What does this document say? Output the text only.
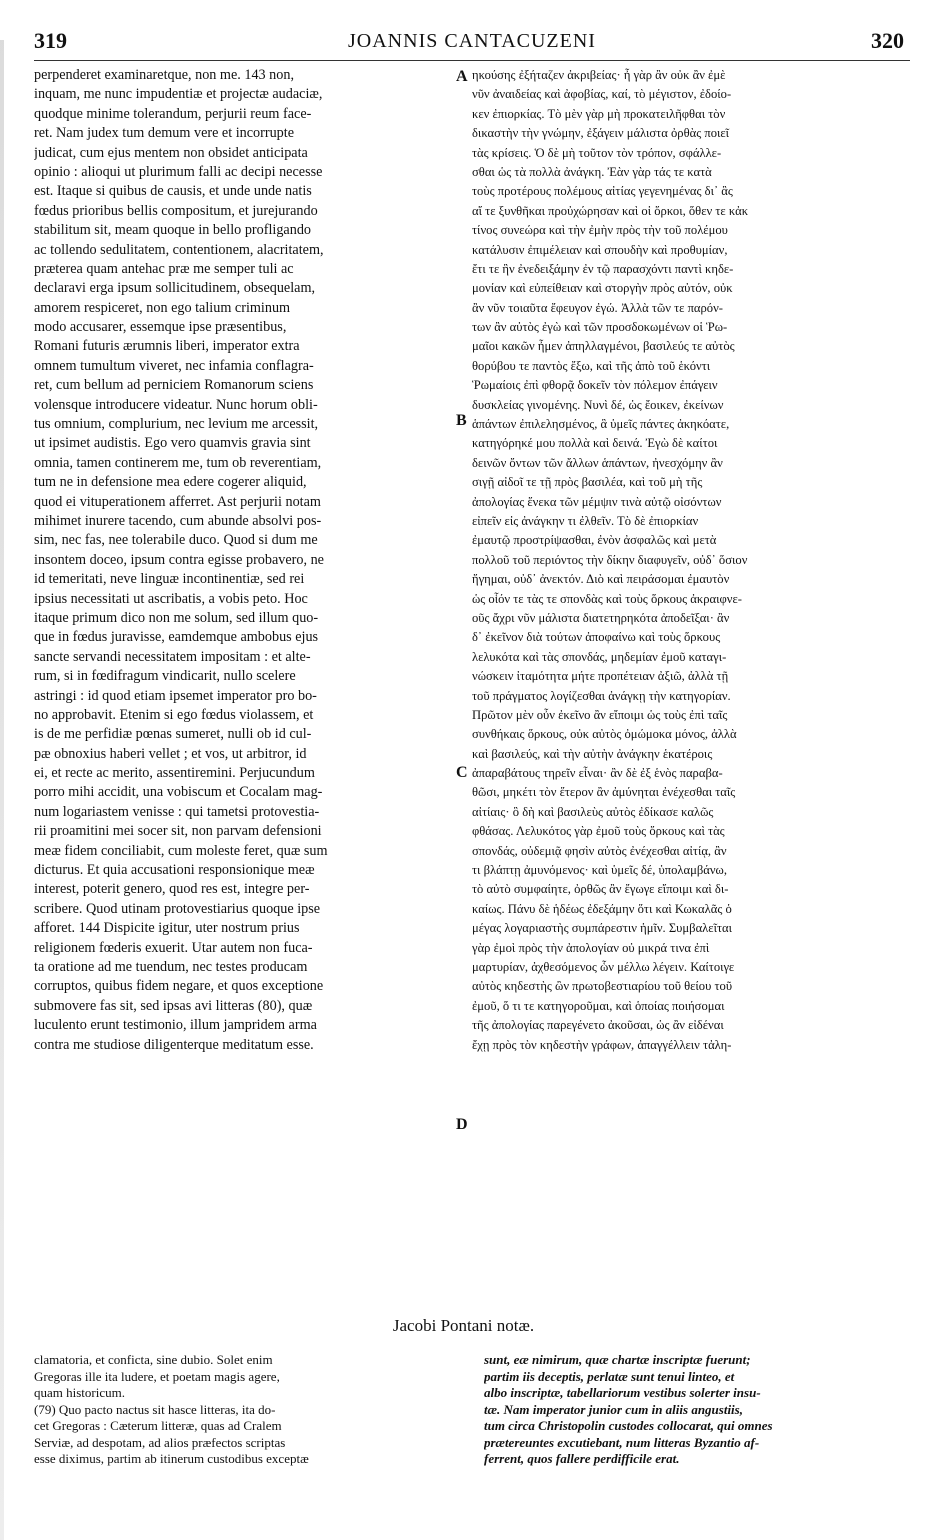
319	JOANNIS CANTACUZENI	320
perpenderet examinaretque, non me. 143 non,
inquam, me nunc impudentiæ et projectæ audaciæ,
quodque minime tolerandum, perjurii reum face-
ret. Nam judex tum demum vere et incorrupte
judicat, cum ejus mentem non obsidet anticipata
opinio : alioqui ut plurimum falli ac decipi necesse
est. Itaque si quibus de causis, et unde unde natis
fœdus prioribus bellis compositum, et jurejurando
stabilitum sit, meam quoque in bello profligando
ac tollendo sedulitatem, contentionem, alacritatem,
præterea quam antehac præ me semper tuli ac
declaravi erga ipsum sollicitudinem, obsequelam,
amorem respiceret, non ego talium criminum
modo accusarer, essemque ipse præsentibus,
Romani futuris ærumnis liberi, imperator extra
omnem tumultum viveret, nec infamia conflagra-
ret, cum bellum ad perniciem Romanorum sciens
volensque introducere videatur. Nunc horum obli-
tus omnium, complurium, nec levium me arcessit,
ut ipsimet audistis. Ego vero quamvis gravia sint
omnia, tamen continerem me, tum ob reverentiam,
tum ne in defensione mea edere cogerer aliquid,
quod ei vituperationem afferret. Ast perjurii notam
mihimet inurere tacendo, cum abunde absolvi pos-
sim, nec fas, nee tolerabile duco. Quod si dum me
insontem doceo, ipsum contra egisse probavero, ne
id temeritati, neve linguæ incontinentiæ, sed rei
ipsius necessitati ut ascribatis, a vobis peto. Hoc
itaque primum dico non me solum, sed illum quo-
que in fœdus juravisse, eamdemque ambobus ejus
sancte servandi necessitatem impositam : et alte-
rum, si in fœdifragum vindicarit, nullo scelere
astringi : id quod etiam ipsemet imperator pro bo-
no approbavit. Etenim si ego fœdus violassem, et
is de me perfidiæ pœnas sumeret, nulli ob id cul-
pæ obnoxius haberi vellet ; et vos, ut arbitror, id
ei, et recte ac merito, assentiremini. Perjucundum
porro mihi accidit, una vobiscum et Cocalam mag-
num logariastem venisse : qui tametsi protovestia-
rii proamitini mei socer sit, non parvam defensioni
meæ fidem conciliabit, cum moleste feret, quæ sum
dicturus. Et quia accusationi responsionique meæ
interest, poterit genero, quod res est, integre per-
scribere. Quod utinam protovestiarius quoque ipse
afforet. 144 Dispicite igitur, uter nostrum prius
religionem fœderis exuerit. Utar autem non fuca-
ta oratione ad me tuendum, nec testes producam
corruptos, quibus fidem negare, et quos exceptione
submovere fas sit, sed ipsas avi litteras (80), quæ
luculento erunt testimonio, illum jampridem arma
contra me studiose diligenterque meditatum esse.
ηκούσης ἐξήταζεν ἀκριβείας· ἦ γὰρ ἂν οὐκ ἂν ἐμὲ
νῦν ἀναιδείας καὶ ἀφοβίας, καί, τὸ μέγιστον, ἐδοίο-
κεν ἐπιορκίας. Τὸ μὲν γὰρ μὴ προκατειλῆφθαι τὸν
δικαστὴν τὴν γνώμην, ἐξάγειν μάλιστα ὀρθὰς ποιεῖ
τὰς κρίσεις. Ὁ δὲ μὴ τοῦτον τὸν τρόπον, σφάλλε-
σθαι ὡς τὰ πολλὰ ἀνάγκη. Ἐὰν γὰρ τάς τε κατὰ
τοὺς προτέρους πολέμους αἰτίας γεγενημένας δι᾽ ἃς
αἵ τε ξυνθῆκαι προὐχώρησαν καὶ οἱ ὅρκοι, ὅθεν τε κἀκ
τίνος συνεώρα καὶ τὴν ἐμὴν πρὸς τὴν τοῦ πολέμου
κατάλυσιν ἐπιμέλειαν καὶ σπουδὴν καὶ προθυμίαν,
ἔτι τε ἣν ἐνεδειξάμην ἐν τῷ παρασχόντι παντὶ κηδε-
μονίαν καὶ εὐπείθειαν καὶ στοργὴν πρὸς αὐτόν, οὐκ
ἂν νῦν τοιαῦτα ἔφευγον ἐγώ. Ἀλλὰ τῶν τε παρόν-
των ἂν αὐτὸς ἐγὼ καὶ τῶν προσδοκωμένων οἱ Ῥω-
μαῖοι κακῶν ἦμεν ἀπηλλαγμένοι, βασιλεύς τε αὐτὸς
θορύβου τε παντὸς ἔξω, καὶ τῆς ἀπὸ τοῦ ἑκόντι
Ῥωμαίοις ἐπὶ φθορᾷ δοκεῖν τὸν πόλεμον ἐπάγειν
δυσκλείας γινομένης. Νυνὶ δέ, ὡς ἔοικεν, ἐκείνων
ἁπάντων ἐπιλελησμένος, ἃ ὑμεῖς πάντες ἀκηκόατε,
κατηγόρηκέ μου πολλὰ καὶ δεινά. Ἐγὼ δὲ καίτοι
δεινῶν ὄντων τῶν ἄλλων ἁπάντων, ἠνεσχόμην ἂν
σιγῇ αἰδοῖ τε τῇ πρὸς βασιλέα, καὶ τοῦ μὴ τῆς
ἀπολογίας ἕνεκα τῶν μέμψιν τινὰ αὐτῷ οἰσόντων
εἰπεῖν εἰς ἀνάγκην τι ἐλθεῖν. Τὸ δὲ ἐπιορκίαν
ἐμαυτῷ προστρίψασθαι, ἐνὸν ἀσφαλῶς καὶ μετὰ
πολλοῦ τοῦ περιόντος τὴν δίκην διαφυγεῖν, οὐδ᾽ ὅσιον
ἥγημαι, οὐδ᾽ ἀνεκτόν. Διὸ καὶ πειράσομαι ἐμαυτὸν
ὡς οἷόν τε τὰς τε σπονδὰς καὶ τοὺς ὅρκους ἀκραιφνε-
οῦς ἄχρι νῦν μάλιστα διατετηρηκότα ἀποδεῖξαι· ἂν
δ᾽ ἐκεῖνον διὰ τούτων ἀποφαίνω καὶ τοὺς ὅρκους
λελυκότα καὶ τὰς σπονδάς, μηδεμίαν ἐμοῦ καταγι-
νώσκειν ἰταμότητα μήτε προπέτειαν ἀξιῶ, ἀλλὰ τῇ
τοῦ πράγματος λογίζεσθαι ἀνάγκῃ τὴν κατηγορίαν.
Πρῶτον μὲν οὖν ἐκεῖνο ἂν εἴποιμι ὡς τοὺς ἐπὶ ταῖς
συνθήκαις ὅρκους, οὐκ αὐτὸς ὀμώμοκα μόνος, ἀλλὰ
καὶ βασιλεύς, καὶ τὴν αὐτὴν ἀνάγκην ἑκατέροις
ἀπαραβάτους τηρεῖν εἶναι· ἂν δὲ ἐξ ἑνὸς παραβα-
θῶσι, μηκέτι τὸν ἕτερον ἂν ἀμύνηται ἐνέχεσθαι ταῖς
αἰτίαις· ὃ δὴ καὶ βασιλεὺς αὐτὸς ἐδίκασε καλῶς
φθάσας. Λελυκότος γὰρ ἐμοῦ τοὺς ὅρκους καὶ τὰς
σπονδάς, οὐδεμιᾷ φησὶν αὐτὸς ἐνέχεσθαι αἰτίᾳ, ἂν
τι βλάπτῃ ἀμυνόμενος· καὶ ὑμεῖς δέ, ὑπολαμβάνω,
τὸ αὐτὸ συμφαίητε, ὀρθῶς ἂν ἔγωγε εἴποιμι καὶ δι-
καίως. Πάνυ δὲ ἡδέως ἐδεξάμην ὅτι καὶ Κωκαλᾶς ὁ
μέγας λογαριαστὴς συμπάρεστιν ἡμῖν. Συμβαλεῖται
γὰρ ἐμοὶ πρὸς τὴν ἀπολογίαν οὐ μικρά τινα ἐπὶ
μαρτυρίαν, ἀχθεσόμενος ὧν μέλλω λέγειν. Καίτοιγε
αὐτὸς κηδεστὴς ὢν πρωτοβεστιαρίου τοῦ θείου τοῦ
ἐμοῦ, ὅ τι τε κατηγοροῦμαι, καὶ ὁποίας ποιήσομαι
τῆς ἀπολογίας παρεγένετο ἀκοῦσαι, ὡς ἂν εἰδέναι
ἔχῃ πρὸς τὸν κηδεστὴν γράφων, ἀπαγγέλλειν τἀλη-
A
B
C
D
Jacobi Pontani notæ.
clamatoria, et conficta, sine dubio. Solet enim
Gregoras ille ita ludere, et poetam magis agere,
quam historicum.
(79) Quo pacto nactus sit hasce litteras, ita do-
cet Gregoras : Cæterum litteræ, quas ad Cralem
Serviæ, ad despotam, ad alios præfectos scriptas
esse diximus, partim ab itinerum custodibus exceptæ
sunt, eæ nimirum, quæ chartæ inscriptæ fuerunt;
partim iis deceptis, perlatæ sunt tenui linteo, et
albo inscriptæ, tabellariorum vestibus solerter insu-
tæ. Nam imperator junior cum in aliis angustiis,
tum circa Christopolin custodes collocarat, qui omnes
prætereuntes excutiebant, num litteras Byzantio af-
ferrent, quos fallere perdifficile erat.
